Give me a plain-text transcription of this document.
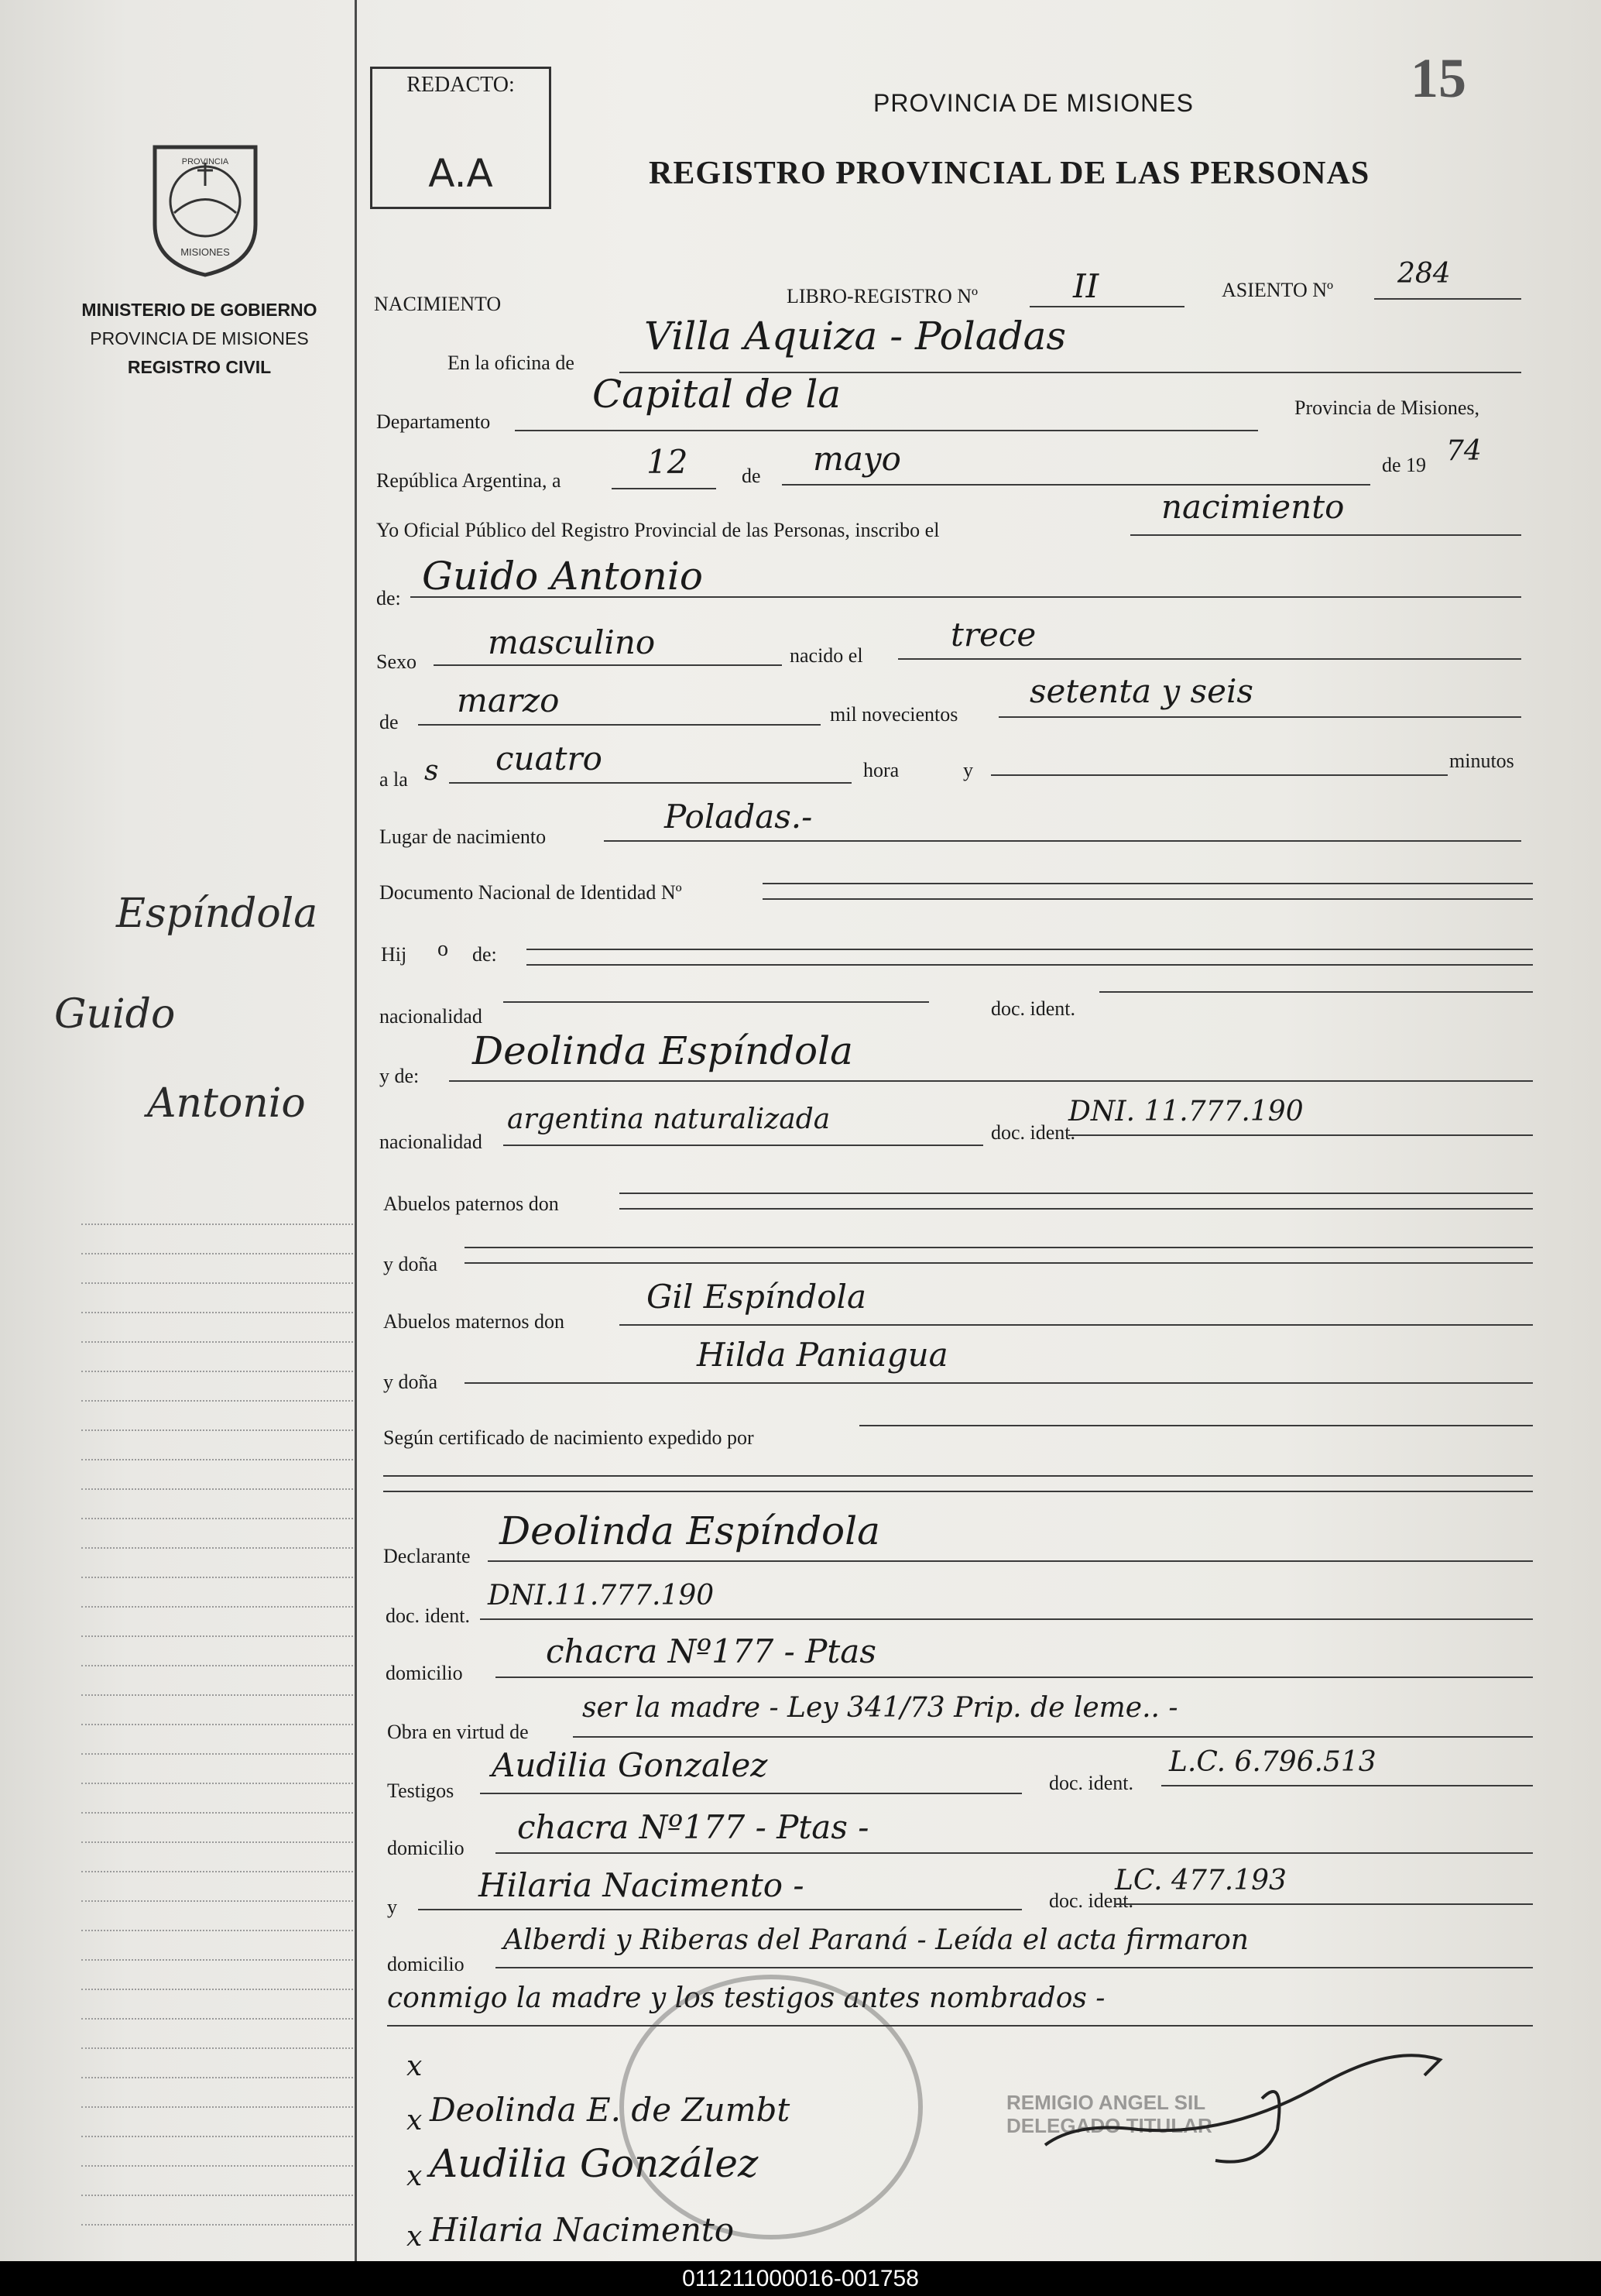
PROVINCIA
MISIONES
MINISTERIO DE GOBIERNO
PROVINCIA DE MISIONES
REGISTRO CIVIL
Espíndola
Guido
Antonio
REDACTO:
A.A
15
PROVINCIA DE MISIONES
REGISTRO PROVINCIAL DE LAS PERSONAS
NACIMIENTO	LIBRO-REGISTRO Nº	II	ASIENTO Nº
284
En la oficina de
Villa Aquiza - Poladas
Departamento
Capital de la	Provincia de Misiones,
República Argentina, a	12	de mayo	de 19 74
Yo Oficial Público del Registro Provincial de las Personas, inscribo el
nacimiento
de: Guido Antonio
Sexo
masculino	nacido el
trece
de
marzo	mil novecientos
setenta y seis
a la s cuatro	hora	y	minutos
Lugar de nacimiento
Poladas.-
Documento Nacional de Identidad Nº
Hij o de:
nacionalidad	doc. ident.
y de:
Deolinda Espíndola
nacionalidad
argentina naturalizada	doc. ident.
DNI. 11.777.190
Abuelos paternos don
y doña
Abuelos maternos don
Gil Espíndola
y doña
Hilda Paniagua
Según certificado de nacimiento expedido por
Declarante
Deolinda Espíndola
doc. ident.
DNI.11.777.190
domicilio
chacra Nº177 - Ptas
Obra en virtud de
ser la madre - Ley 341/73 Prip. de leme.. -
Testigos
Audilia Gonzalez	doc. ident.
L.C. 6.796.513
domicilio
chacra Nº177 - Ptas -
y
Hilaria Nacimento -	doc. ident.
LC. 477.193
domicilio
Alberdi y Riberas del Paraná - Leída el acta firmaron
conmigo la madre y los testigos antes nombrados -
REMIGIO ANGEL SIL
DELEGADO TITULAR
x
x Deolinda E. de Zumbt
x Audilia González
x Hilaria Nacimento
011211000016-001758
